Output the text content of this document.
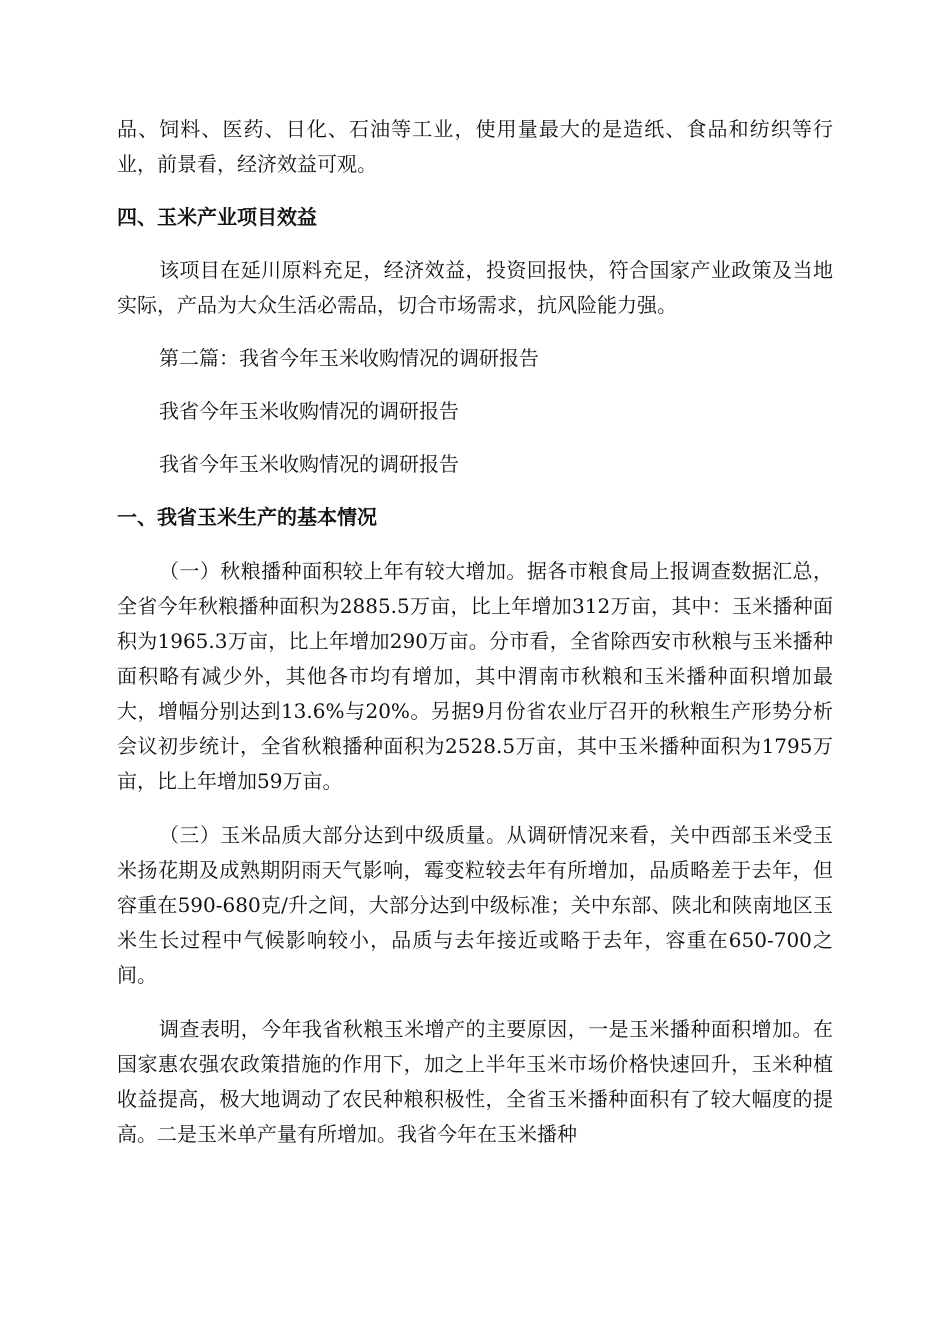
品、饲料、医药、日化、石油等工业，使用量最大的是造纸、食品和纺织等行业，前景看，经济效益可观。

四、玉米产业项目效益

该项目在延川原料充足，经济效益，投资回报快，符合国家产业政策及当地实际，产品为大众生活必需品，切合市场需求，抗风险能力强。

第二篇：我省今年玉米收购情况的调研报告

我省今年玉米收购情况的调研报告

我省今年玉米收购情况的调研报告

一、我省玉米生产的基本情况

（一）秋粮播种面积较上年有较大增加。据各市粮食局上报调查数据汇总，全省今年秋粮播种面积为2885.5万亩，比上年增加312万亩，其中：玉米播种面积为1965.3万亩，比上年增加290万亩。分市看，全省除西安市秋粮与玉米播种面积略有减少外，其他各市均有增加，其中渭南市秋粮和玉米播种面积增加最大，增幅分别达到13.6%与20%。另据9月份省农业厅召开的秋粮生产形势分析会议初步统计，全省秋粮播种面积为2528.5万亩，其中玉米播种面积为1795万亩，比上年增加59万亩。

（三）玉米品质大部分达到中级质量。从调研情况来看，关中西部玉米受玉米扬花期及成熟期阴雨天气影响，霉变粒较去年有所增加，品质略差于去年，但容重在590-680克/升之间，大部分达到中级标准；关中东部、陕北和陕南地区玉米生长过程中气候影响较小，品质与去年接近或略于去年，容重在650-700之间。

调查表明，今年我省秋粮玉米增产的主要原因，一是玉米播种面积增加。在国家惠农强农政策措施的作用下，加之上半年玉米市场价格快速回升，玉米种植收益提高，极大地调动了农民种粮积极性，全省玉米播种面积有了较大幅度的提高。二是玉米单产量有所增加。我省今年在玉米播种
